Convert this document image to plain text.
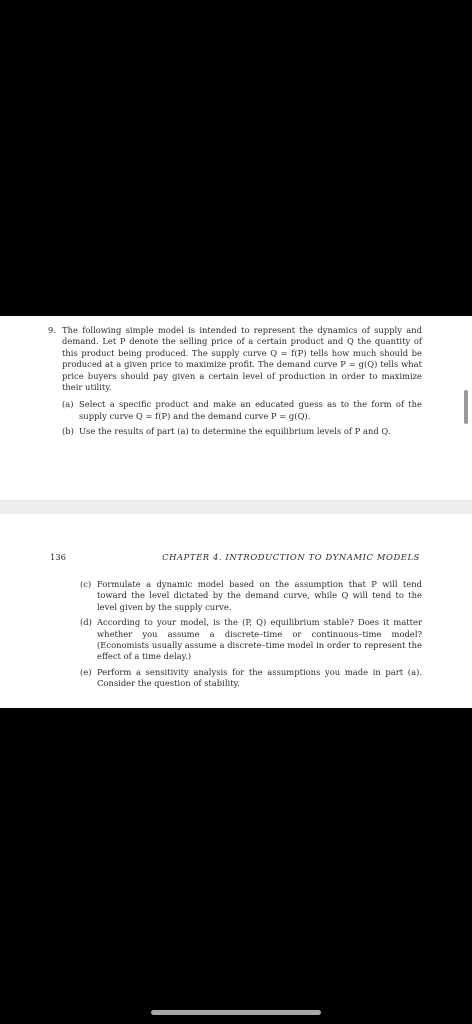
9. The following simple model is intended to represent the dynamics of supply and demand. Let P denote the selling price of a certain product and Q the quantity of this product being produced. The supply curve Q = f(P) tells how much should be produced at a given price to maximize profit. The demand curve P = g(Q) tells what price buyers should pay given a certain level of production in order to maximize their utility.
(a) Select a specific product and make an educated guess as to the form of the supply curve Q = f(P) and the demand curve P = g(Q).
(b) Use the results of part (a) to determine the equilibrium levels of P and Q.
136	CHAPTER 4. INTRODUCTION TO DYNAMIC MODELS
(c) Formulate a dynamic model based on the assumption that P will tend toward the level dictated by the demand curve, while Q will tend to the level given by the supply curve.
(d) According to your model, is the (P, Q) equilibrium stable? Does it matter whether you assume a discrete–time or continuous–time model? (Economists usually assume a discrete–time model in order to represent the effect of a time delay.)
(e) Perform a sensitivity analysis for the assumptions you made in part (a). Consider the question of stability.
